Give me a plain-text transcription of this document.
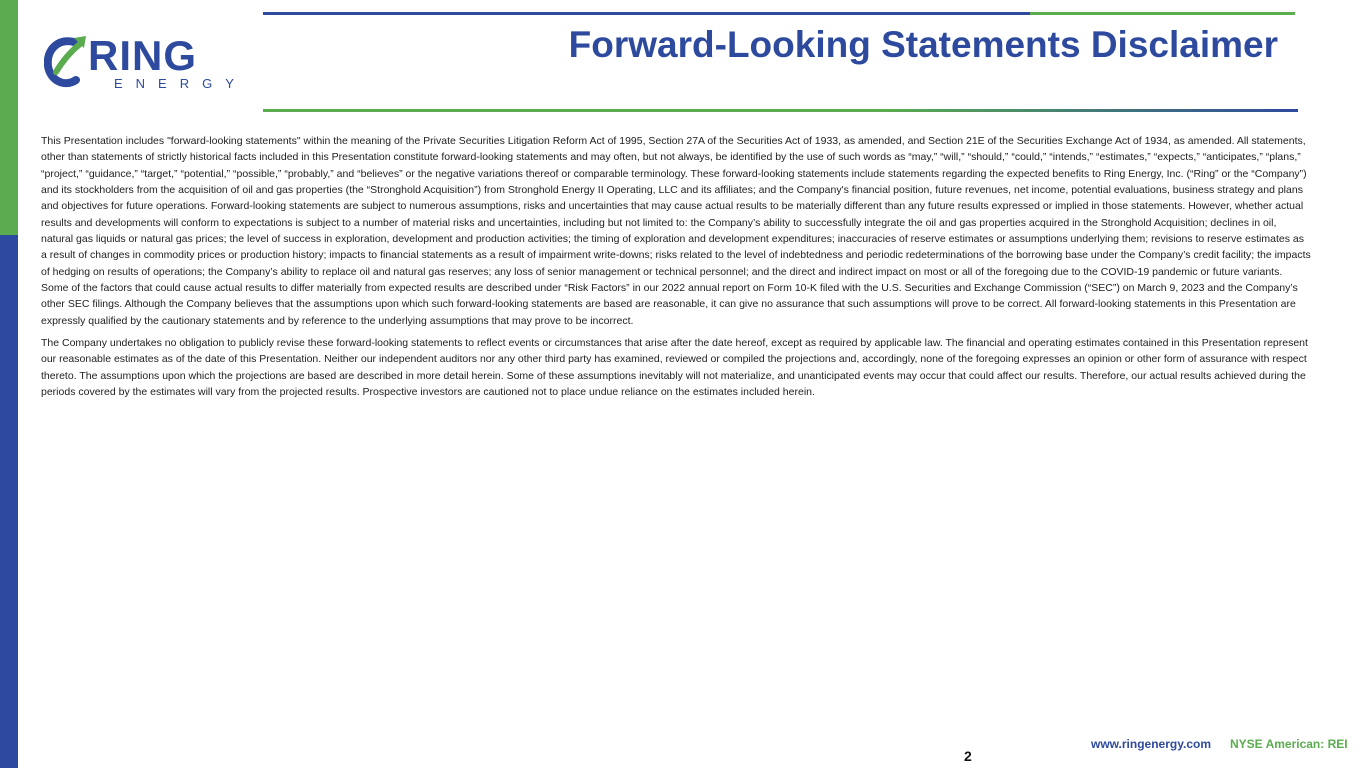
RING
ENERGY
Forward-Looking Statements Disclaimer

This Presentation includes "forward-looking statements" within the meaning of the Private Securities Litigation Reform Act of 1995, Section 27A of the Securities Act of 1933, as amended, and Section 21E of the Securities Exchange Act of 1934, as amended. All statements, other than statements of strictly historical facts included in this Presentation constitute forward-looking statements and may often, but not always, be identified by the use of such words as “may,” “will,” “should,” “could,” “intends,” “estimates,” “expects,” “anticipates,” “plans,” “project,” “guidance,” “target,” “potential,” “possible,” “probably,” and “believes” or the negative variations thereof or comparable terminology. These forward-looking statements include statements regarding the expected benefits to Ring Energy, Inc. (“Ring” or the “Company”) and its stockholders from the acquisition of oil and gas properties (the “Stronghold Acquisition”) from Stronghold Energy II Operating, LLC and its affiliates; and the Company's financial position, future revenues, net income, potential evaluations, business strategy and plans and objectives for future operations. Forward-looking statements are subject to numerous assumptions, risks and uncertainties that may cause actual results to be materially different than any future results expressed or implied in those statements. However, whether actual results and developments will conform to expectations is subject to a number of material risks and uncertainties, including but not limited to: the Company’s ability to successfully integrate the oil and gas properties acquired in the Stronghold Acquisition; declines in oil, natural gas liquids or natural gas prices; the level of success in exploration, development and production activities; the timing of exploration and development expenditures; inaccuracies of reserve estimates or assumptions underlying them; revisions to reserve estimates as a result of changes in commodity prices or production history; impacts to financial statements as a result of impairment write-downs; risks related to the level of indebtedness and periodic redeterminations of the borrowing base under the Company’s credit facility; the impacts of hedging on results of operations; the Company’s ability to replace oil and natural gas reserves; any loss of senior management or technical personnel; and the direct and indirect impact on most or all of the foregoing due to the COVID-19 pandemic or future variants. Some of the factors that could cause actual results to differ materially from expected results are described under “Risk Factors” in our 2022 annual report on Form 10-K filed with the U.S. Securities and Exchange Commission (“SEC”) on March 9, 2023 and the Company’s other SEC filings. Although the Company believes that the assumptions upon which such forward-looking statements are based are reasonable, it can give no assurance that such assumptions will prove to be correct. All forward-looking statements in this Presentation are expressly qualified by the cautionary statements and by reference to the underlying assumptions that may prove to be incorrect.

The Company undertakes no obligation to publicly revise these forward-looking statements to reflect events or circumstances that arise after the date hereof, except as required by applicable law. The financial and operating estimates contained in this Presentation represent our reasonable estimates as of the date of this Presentation. Neither our independent auditors nor any other third party has examined, reviewed or compiled the projections and, accordingly, none of the foregoing expresses an opinion or other form of assurance with respect thereto. The assumptions upon which the projections are based are described in more detail herein. Some of these assumptions inevitably will not materialize, and unanticipated events may occur that could affect our results. Therefore, our actual results achieved during the periods covered by the estimates will vary from the projected results. Prospective investors are cautioned not to place undue reliance on the estimates included herein.

2
www.ringenergy.com NYSE American: REI
